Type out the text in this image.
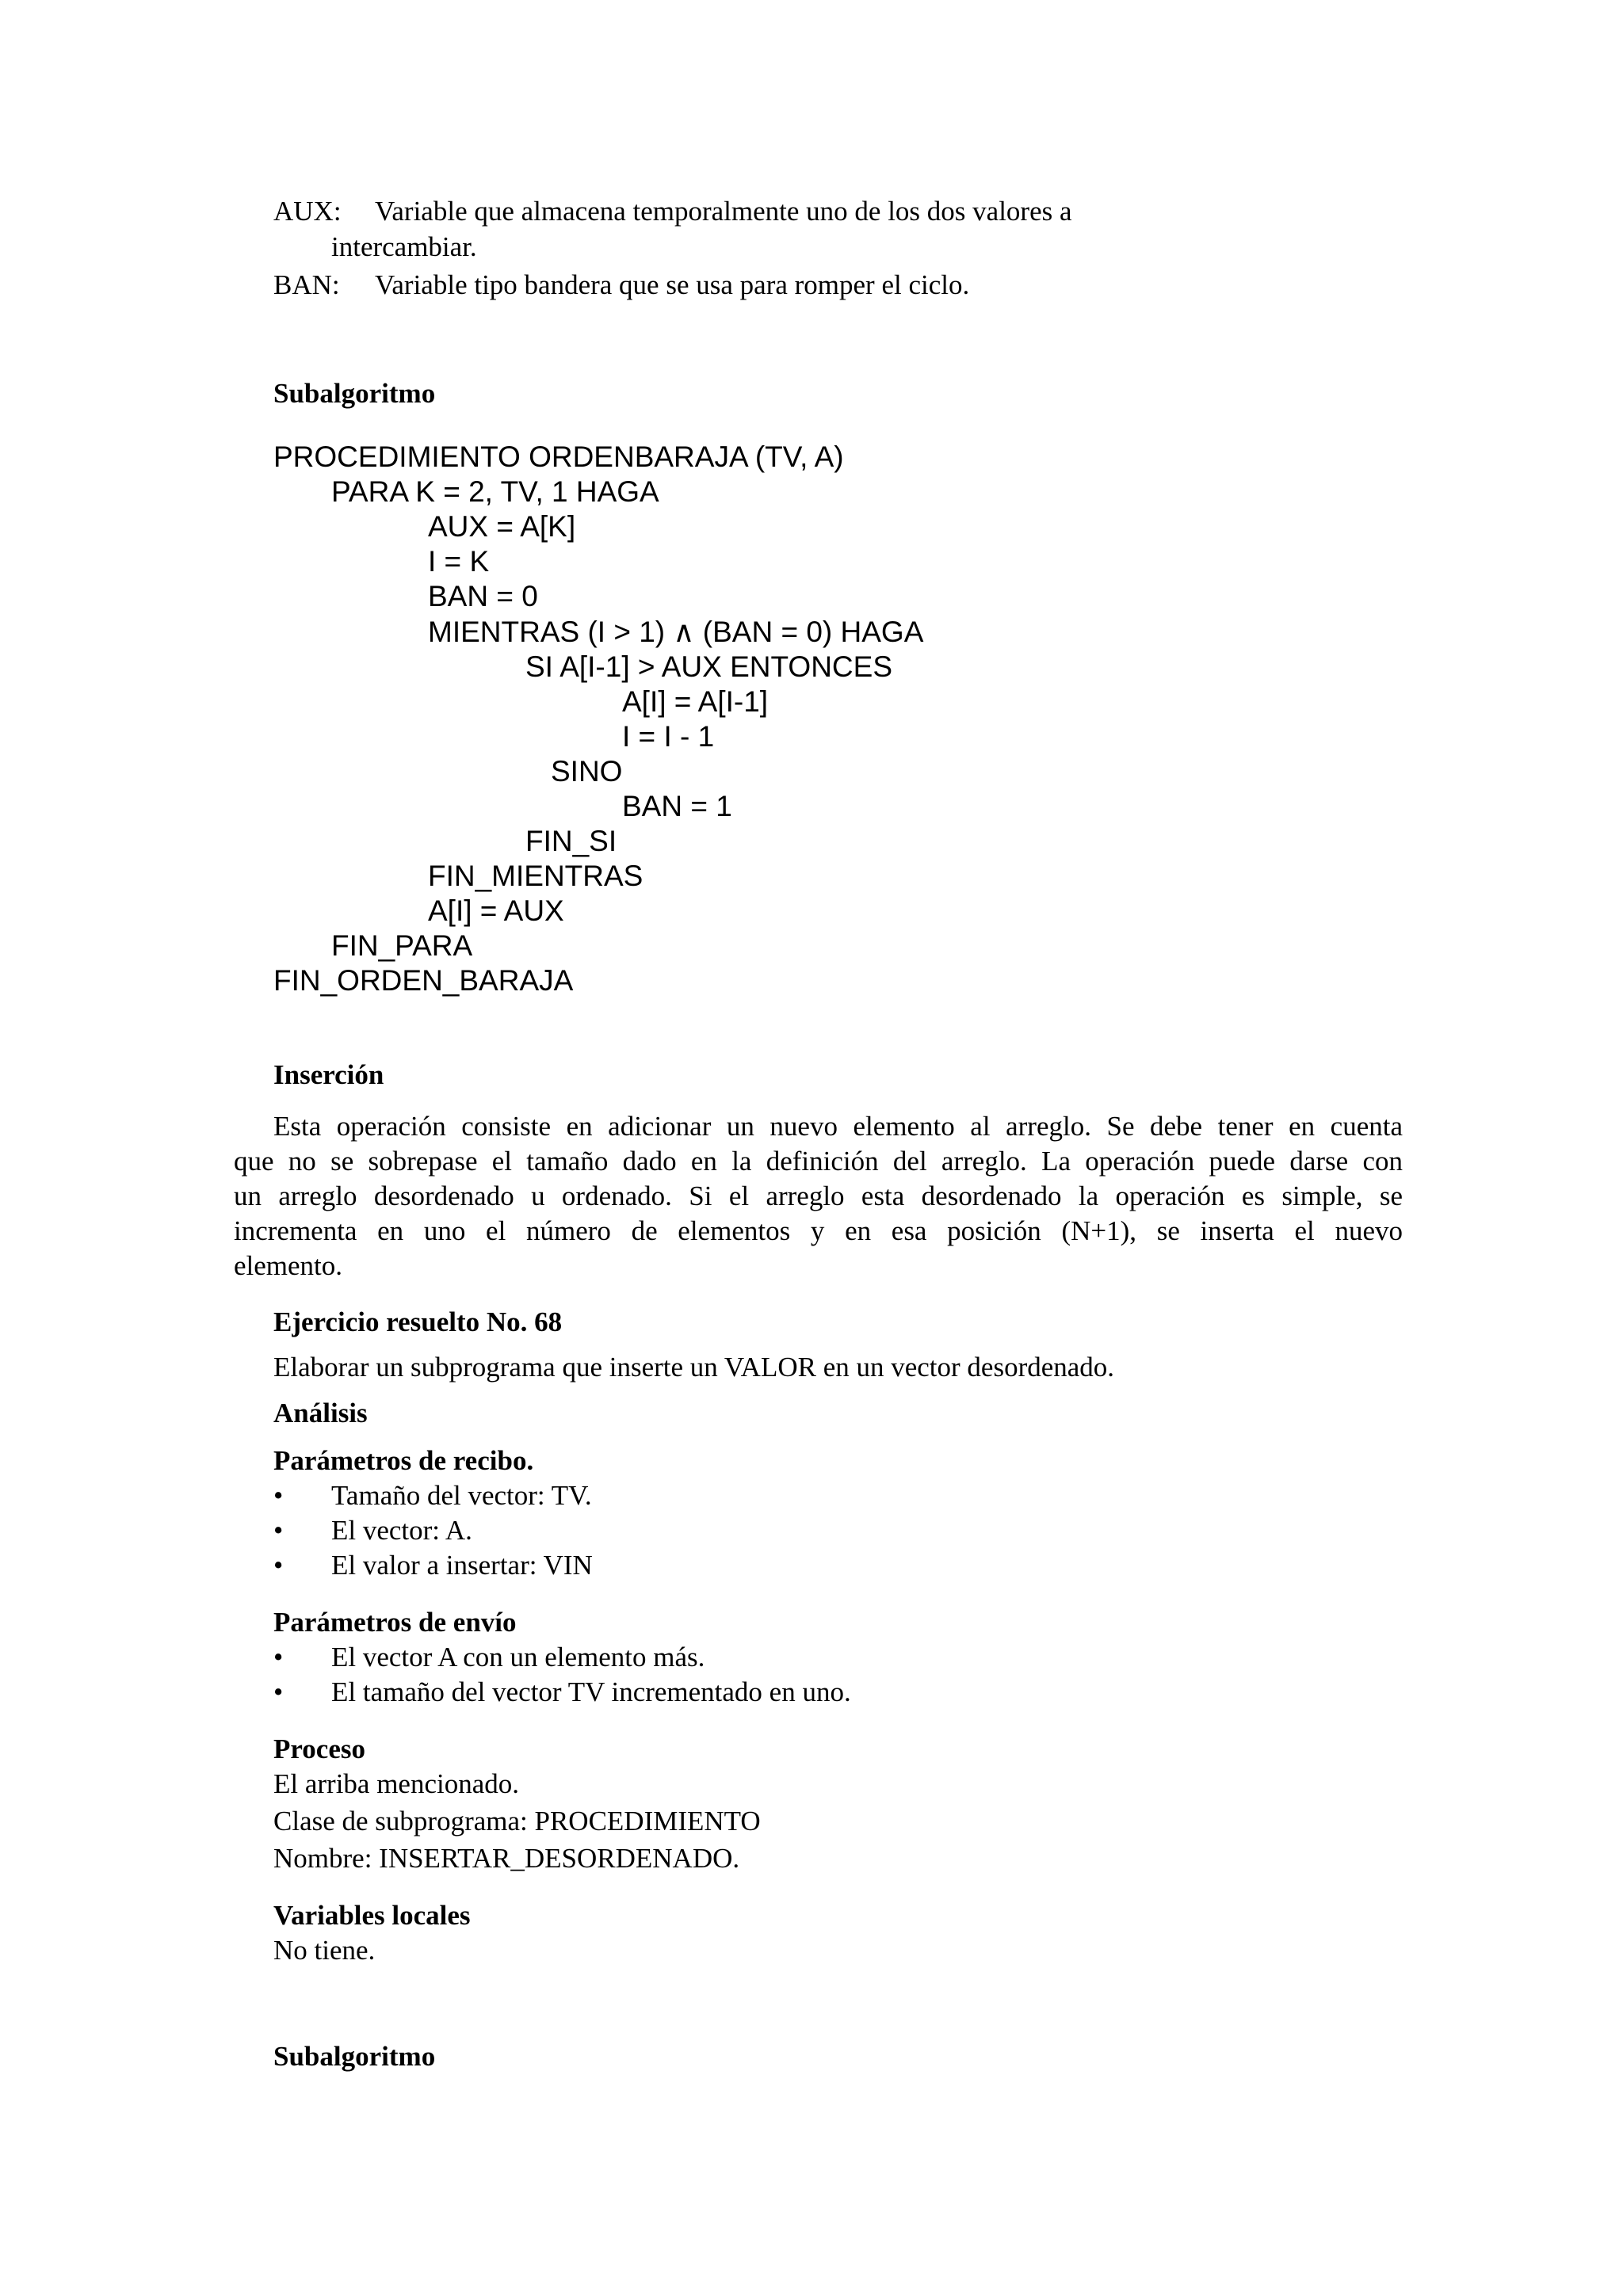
AUX: Variable que almacena temporalmente uno de los dos valores a
intercambiar.
BAN: Variable tipo bandera que se usa para romper el ciclo.
Subalgoritmo
PROCEDIMIENTO ORDENBARAJA (TV, A)
PARA K = 2, TV, 1 HAGA
AUX = A[K]
I = K
BAN = 0
MIENTRAS (I > 1) ∧ (BAN = 0) HAGA
SI A[I-1] > AUX ENTONCES
A[I] = A[I-1]
I = I - 1
SINO
BAN = 1
FIN_SI
FIN_MIENTRAS
A[I] = AUX
FIN_PARA
FIN_ORDEN_BARAJA
Inserción
Esta operación consiste en adicionar un nuevo elemento al arreglo. Se debe tener en cuenta
que no se sobrepase el tamaño dado en la definición del arreglo. La operación puede darse con
un arreglo desordenado u ordenado. Si el arreglo esta desordenado la operación es simple, se
incrementa en uno el número de elementos y en esa posición (N+1), se inserta el nuevo
elemento.
Ejercicio resuelto No. 68
Elaborar un subprograma que inserte un VALOR en un vector desordenado.
Análisis
Parámetros de recibo.
• Tamaño del vector: TV.
• El vector: A.
• El valor a insertar: VIN
Parámetros de envío
• El vector A con un elemento más.
• El tamaño del vector TV incrementado en uno.
Proceso
El arriba mencionado.
Clase de subprograma: PROCEDIMIENTO
Nombre: INSERTAR_DESORDENADO.
Variables locales
No tiene.
Subalgoritmo
